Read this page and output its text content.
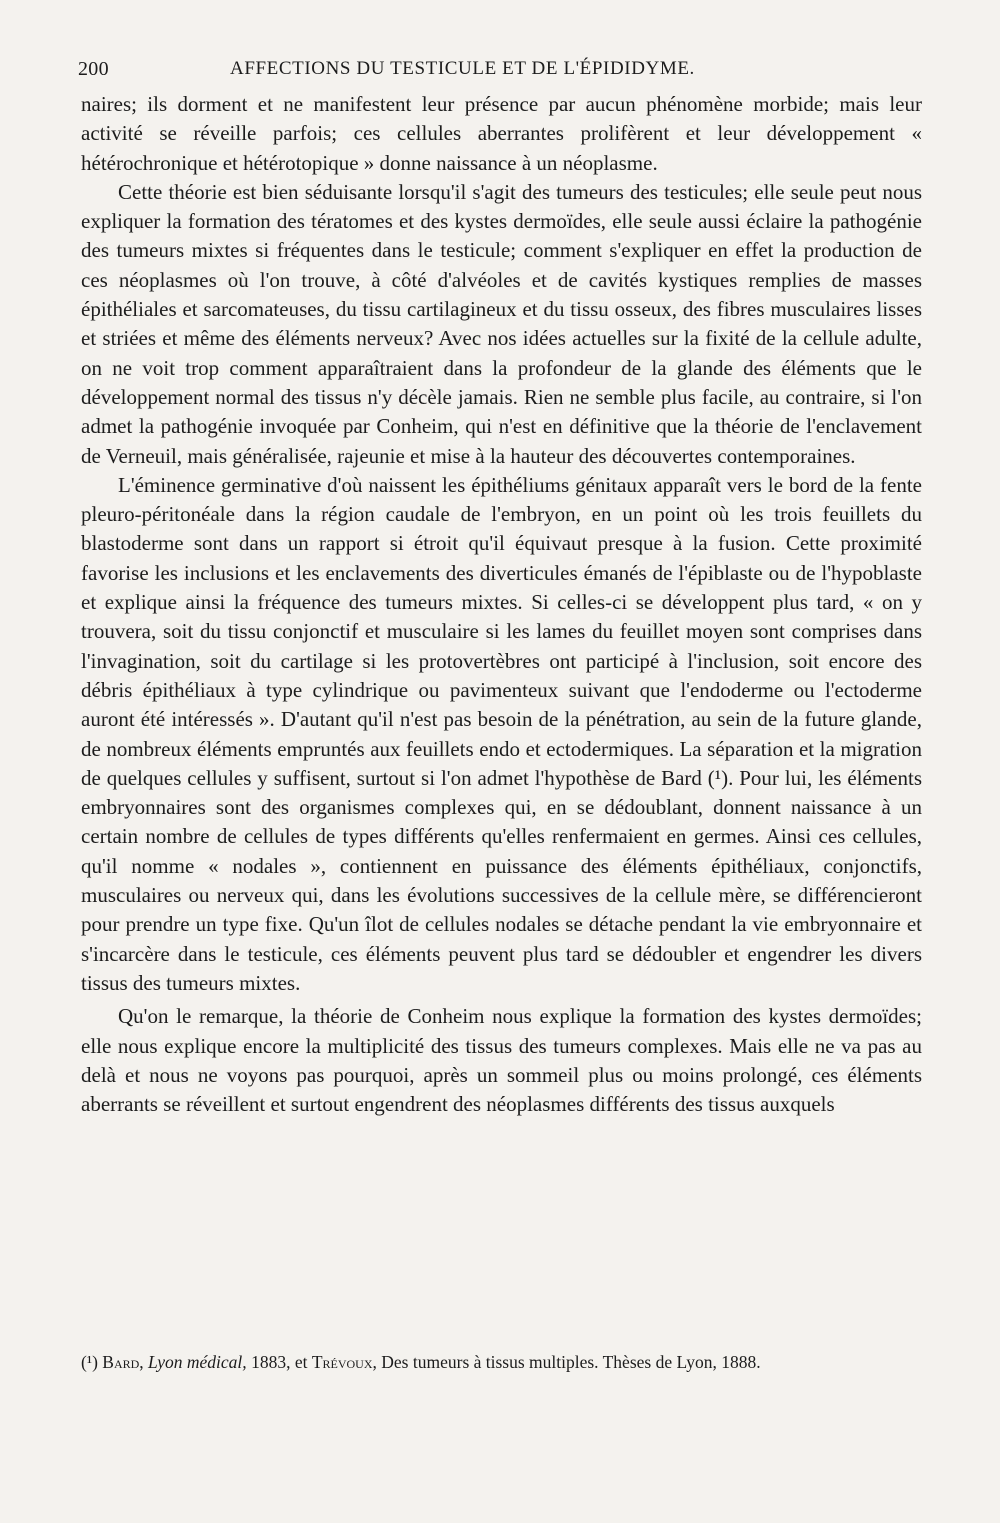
200	AFFECTIONS DU TESTICULE ET DE L'ÉPIDIDYME.

naires; ils dorment et ne manifestent leur présence par aucun phénomène morbide; mais leur activité se réveille parfois; ces cellules aberrantes prolifèrent et leur développement « hétérochronique et hétérotopique » donne naissance à un néoplasme.

Cette théorie est bien séduisante lorsqu'il s'agit des tumeurs des testicules; elle seule peut nous expliquer la formation des tératomes et des kystes dermoïdes, elle seule aussi éclaire la pathogénie des tumeurs mixtes si fréquentes dans le testicule; comment s'expliquer en effet la production de ces néoplasmes où l'on trouve, à côté d'alvéoles et de cavités kystiques remplies de masses épithéliales et sarcomateuses, du tissu cartilagineux et du tissu osseux, des fibres musculaires lisses et striées et même des éléments nerveux? Avec nos idées actuelles sur la fixité de la cellule adulte, on ne voit trop comment apparaîtraient dans la profondeur de la glande des éléments que le développement normal des tissus n'y décèle jamais. Rien ne semble plus facile, au contraire, si l'on admet la pathogénie invoquée par Conheim, qui n'est en définitive que la théorie de l'enclavement de Verneuil, mais généralisée, rajeunie et mise à la hauteur des découvertes contemporaines.

L'éminence germinative d'où naissent les épithéliums génitaux apparaît vers le bord de la fente pleuro-péritonéale dans la région caudale de l'embryon, en un point où les trois feuillets du blastoderme sont dans un rapport si étroit qu'il équivaut presque à la fusion. Cette proximité favorise les inclusions et les enclavements des diverticules émanés de l'épiblaste ou de l'hypoblaste et explique ainsi la fréquence des tumeurs mixtes. Si celles-ci se développent plus tard, « on y trouvera, soit du tissu conjonctif et musculaire si les lames du feuillet moyen sont comprises dans l'invagination, soit du cartilage si les protovertèbres ont participé à l'inclusion, soit encore des débris épithéliaux à type cylindrique ou pavimenteux suivant que l'endoderme ou l'ectoderme auront été intéressés ». D'autant qu'il n'est pas besoin de la pénétration, au sein de la future glande, de nombreux éléments empruntés aux feuillets endo et ectodermiques. La séparation et la migration de quelques cellules y suffisent, surtout si l'on admet l'hypothèse de Bard (¹). Pour lui, les éléments embryonnaires sont des organismes complexes qui, en se dédoublant, donnent naissance à un certain nombre de cellules de types différents qu'elles renfermaient en germes. Ainsi ces cellules, qu'il nomme « nodales », contiennent en puissance des éléments épithéliaux, conjonctifs, musculaires ou nerveux qui, dans les évolutions successives de la cellule mère, se différencieront pour prendre un type fixe. Qu'un îlot de cellules nodales se détache pendant la vie embryonnaire et s'incarcère dans le testicule, ces éléments peuvent plus tard se dédoubler et engendrer les divers tissus des tumeurs mixtes.

Qu'on le remarque, la théorie de Conheim nous explique la formation des kystes dermoïdes; elle nous explique encore la multiplicité des tissus des tumeurs complexes. Mais elle ne va pas au delà et nous ne voyons pas pourquoi, après un sommeil plus ou moins prolongé, ces éléments aberrants se réveillent et surtout engendrent des néoplasmes différents des tissus auxquels

(¹) Bard, Lyon médical, 1883, et Trévoux, Des tumeurs à tissus multiples. Thèses de Lyon, 1888.
